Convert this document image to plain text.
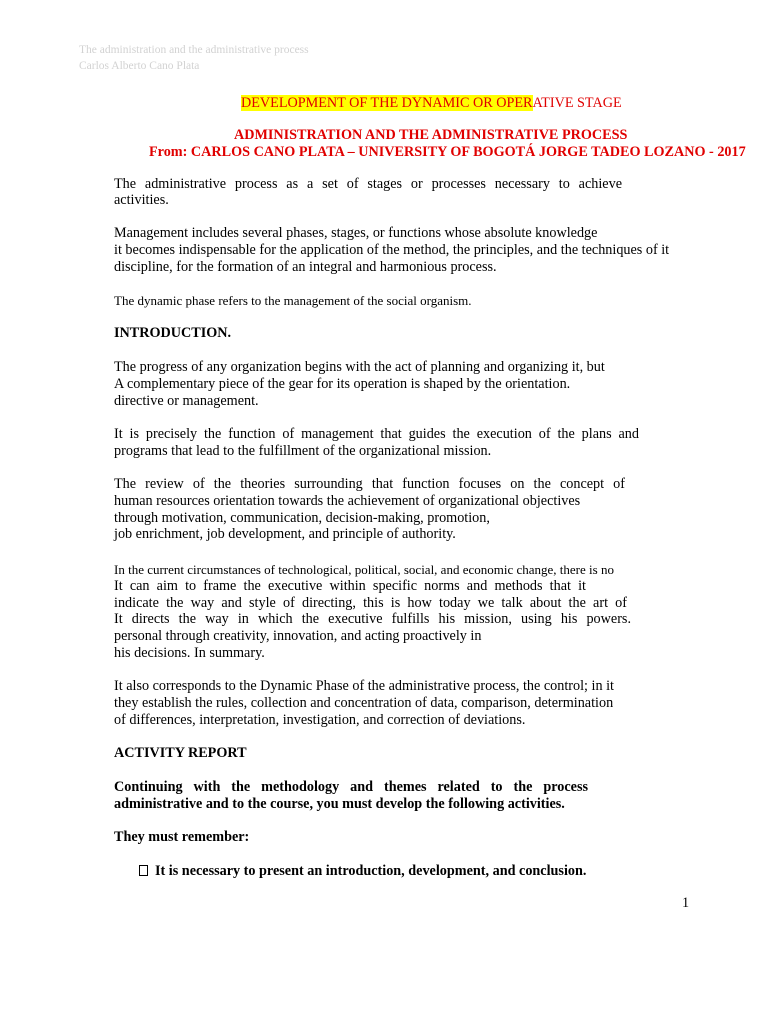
The administration and the administrative process
Carlos Alberto Cano Plata
DEVELOPMENT OF THE DYNAMIC OR OPERATIVE STAGE
ADMINISTRATION AND THE ADMINISTRATIVE PROCESS
From: CARLOS CANO PLATA – UNIVERSITY OF BOGOTÁ JORGE TADEO LOZANO - 2017
The administrative process as a set of stages or processes necessary to achieve
activities.
Management includes several phases, stages, or functions whose absolute knowledge
it becomes indispensable for the application of the method, the principles, and the techniques of it
discipline, for the formation of an integral and harmonious process.
The dynamic phase refers to the management of the social organism.
INTRODUCTION.
The progress of any organization begins with the act of planning and organizing it, but
A complementary piece of the gear for its operation is shaped by the orientation.
directive or management.
It is precisely the function of management that guides the execution of the plans and
programs that lead to the fulfillment of the organizational mission.
The review of the theories surrounding that function focuses on the concept of
human resources orientation towards the achievement of organizational objectives
through motivation, communication, decision-making, promotion,
job enrichment, job development, and principle of authority.
In the current circumstances of technological, political, social, and economic change, there is no
It can aim to frame the executive within specific norms and methods that it
indicate the way and style of directing, this is how today we talk about the art of
It directs the way in which the executive fulfills his mission, using his powers.
personal through creativity, innovation, and acting proactively in
his decisions. In summary.
It also corresponds to the Dynamic Phase of the administrative process, the control; in it
they establish the rules, collection and concentration of data, comparison, determination
of differences, interpretation, investigation, and correction of deviations.
ACTIVITY REPORT
Continuing with the methodology and themes related to the process
administrative and to the course, you must develop the following activities.
They must remember:
It is necessary to present an introduction, development, and conclusion.
1
